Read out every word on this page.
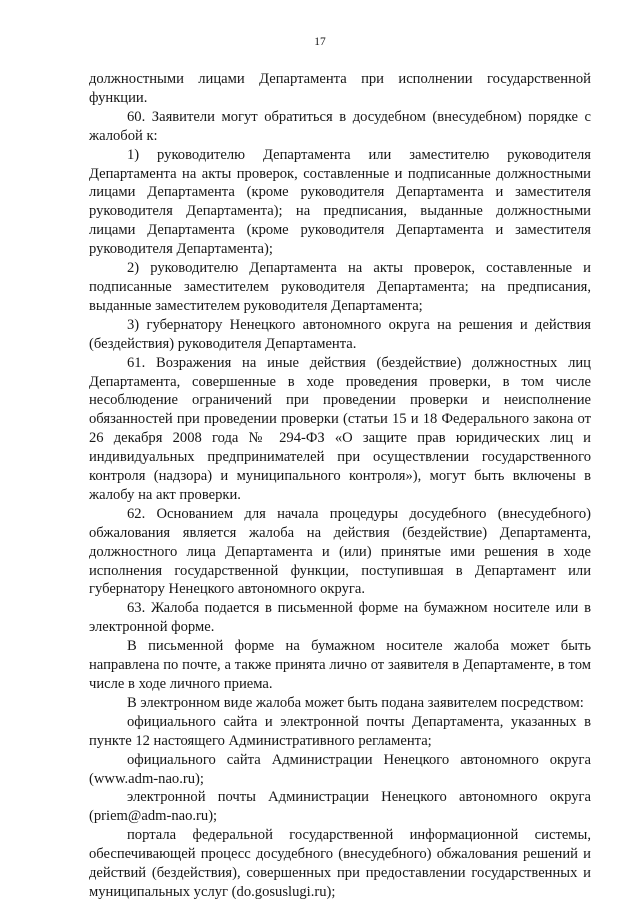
17

должностными лицами Департамента при исполнении государственной функции.

60. Заявители могут обратиться в досудебном (внесудебном) порядке с жалобой к:

1) руководителю Департамента или заместителю руководителя Департамента на акты проверок, составленные и подписанные должностными лицами Департамента (кроме руководителя Департамента и заместителя руководителя Департамента); на предписания, выданные должностными лицами Департамента (кроме руководителя Департамента и заместителя руководителя Департамента);

2) руководителю Департамента на акты проверок, составленные и подписанные заместителем руководителя Департамента; на предписания, выданные заместителем руководителя Департамента;

3) губернатору Ненецкого автономного округа на решения и действия (бездействия) руководителя Департамента.

61. Возражения на иные действия (бездействие) должностных лиц Департамента, совершенные в ходе проведения проверки, в том числе несоблюдение ограничений при проведении проверки и неисполнение обязанностей при проведении проверки (статьи 15 и 18 Федерального закона от 26 декабря 2008 года № 294-ФЗ «О защите прав юридических лиц и индивидуальных предпринимателей при осуществлении государственного контроля (надзора) и муниципального контроля»), могут быть включены в жалобу на акт проверки.

62. Основанием для начала процедуры досудебного (внесудебного) обжалования является жалоба на действия (бездействие) Департамента, должностного лица Департамента и (или) принятые ими решения в ходе исполнения государственной функции, поступившая в Департамент или губернатору Ненецкого автономного округа.

63. Жалоба подается в письменной форме на бумажном носителе или в электронной форме.

В письменной форме на бумажном носителе жалоба может быть направлена по почте, а также принята лично от заявителя в Департаменте, в том числе в ходе личного приема.

В электронном виде жалоба может быть подана заявителем посредством:

официального сайта и электронной почты Департамента, указанных в пункте 12 настоящего Административного регламента;

официального сайта Администрации Ненецкого автономного округа (www.adm-nao.ru);

электронной почты Администрации Ненецкого автономного округа (priem@adm-nao.ru);

портала федеральной государственной информационной системы, обеспечивающей процесс досудебного (внесудебного) обжалования решений и действий (бездействия), совершенных при предоставлении государственных и муниципальных услуг (do.gosuslugi.ru);
